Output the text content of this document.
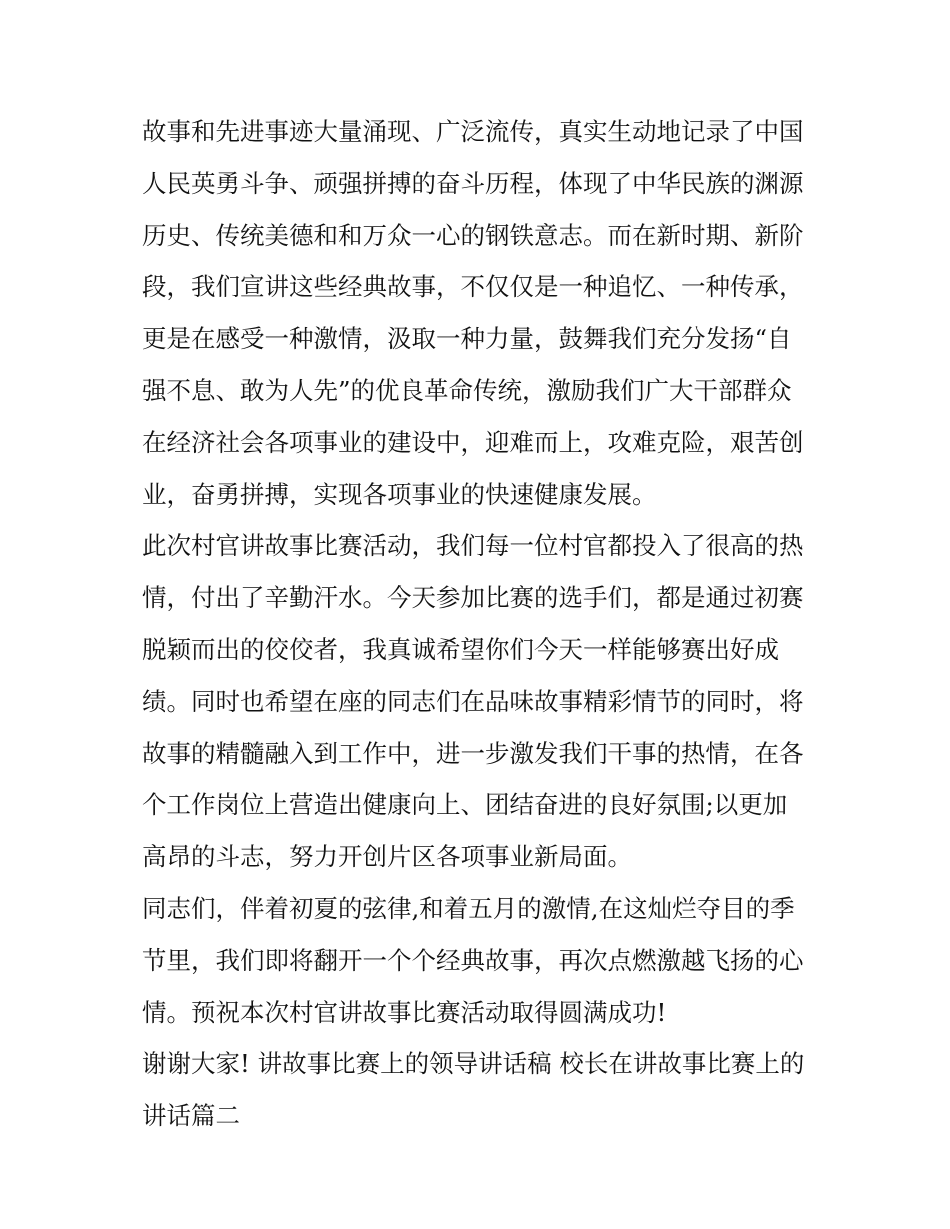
故事和先进事迹大量涌现、广泛流传，真实生动地记录了中国
人民英勇斗争、顽强拼搏的奋斗历程，体现了中华民族的渊源
历史、传统美德和和万众一心的钢铁意志。而在新时期、新阶
段，我们宣讲这些经典故事，不仅仅是一种追忆、一种传承，
更是在感受一种激情，汲取一种力量，鼓舞我们充分发扬“自
强不息、敢为人先”的优良革命传统，激励我们广大干部群众
在经济社会各项事业的建设中，迎难而上，攻难克险，艰苦创
业，奋勇拼搏，实现各项事业的快速健康发展。

此次村官讲故事比赛活动，我们每一位村官都投入了很高的热
情，付出了辛勤汗水。今天参加比赛的选手们，都是通过初赛
脱颖而出的佼佼者，我真诚希望你们今天一样能够赛出好成
绩。同时也希望在座的同志们在品味故事精彩情节的同时，将
故事的精髓融入到工作中，进一步激发我们干事的热情，在各
个工作岗位上营造出健康向上、团结奋进的良好氛围;以更加
高昂的斗志，努力开创片区各项事业新局面。

同志们，伴着初夏的弦律,和着五月的激情,在这灿烂夺目的季
节里，我们即将翻开一个个经典故事，再次点燃激越飞扬的心
情。预祝本次村官讲故事比赛活动取得圆满成功!

谢谢大家! 讲故事比赛上的领导讲话稿 校长在讲故事比赛上的
讲话篇二
